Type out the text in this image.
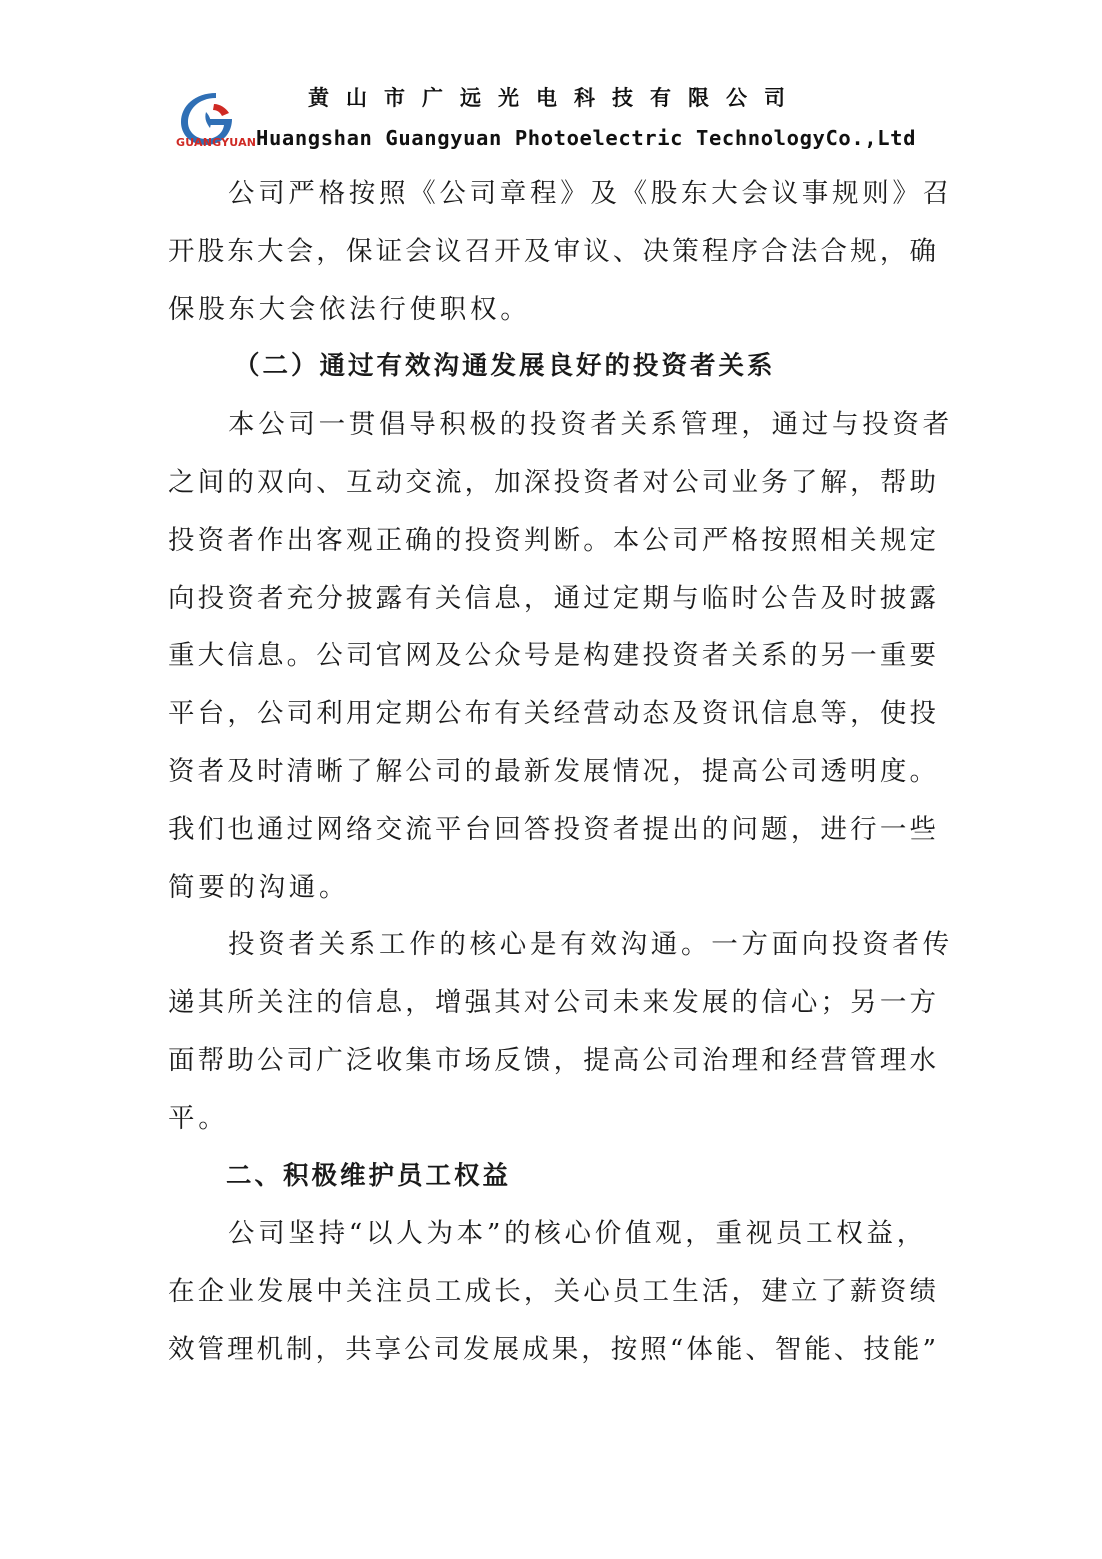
黄山市广远光电科技有限公司
GUANGYUAN Huangshan Guangyuan Photoelectric TechnologyCo.,Ltd
公司严格按照《公司章程》及《股东大会议事规则》召
开股东大会，保证会议召开及审议、决策程序合法合规，确
保股东大会依法行使职权。
（二）通过有效沟通发展良好的投资者关系
本公司一贯倡导积极的投资者关系管理，通过与投资者
之间的双向、互动交流，加深投资者对公司业务了解，帮助
投资者作出客观正确的投资判断。本公司严格按照相关规定
向投资者充分披露有关信息，通过定期与临时公告及时披露
重大信息。公司官网及公众号是构建投资者关系的另一重要
平台，公司利用定期公布有关经营动态及资讯信息等，使投
资者及时清晰了解公司的最新发展情况，提高公司透明度。
我们也通过网络交流平台回答投资者提出的问题，进行一些
简要的沟通。
投资者关系工作的核心是有效沟通。一方面向投资者传
递其所关注的信息，增强其对公司未来发展的信心；另一方
面帮助公司广泛收集市场反馈，提高公司治理和经营管理水
平。
二、积极维护员工权益
公司坚持“以人为本”的核心价值观，重视员工权益，
在企业发展中关注员工成长，关心员工生活，建立了薪资绩
效管理机制，共享公司发展成果，按照“体能、智能、技能”
